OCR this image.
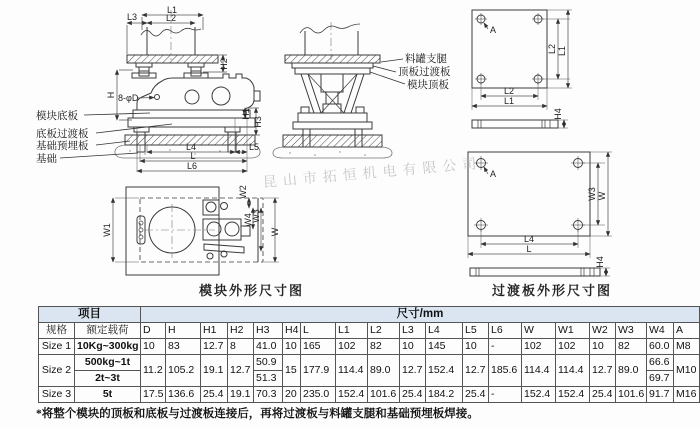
L1
L2
L3
H 8-φD
H2
H1
H3
L4
L
L6
L5
模块底板
底板过渡板
基础预埋板
基础
料罐支腿
顶板过渡板
模块顶板
A
L2 L1
L2
L1
H4
A
W3 W
L4
L
H4
W1	W
W2
W4
W3
模块外形尺寸图	过渡板外形尺寸图
昆山市拓恒机电有限公司
项目		尺寸/mm																		
规格	额定载荷	D	H	H1	H2	H3	H4	L	L1	L2	L3	L4	L5	L6	W	W1	W2	W3	W4	A
Size 1	10Kg~300kg	10	83	12.7	8	41.0	10	165	102	82	10	145	10	-	102	102	10	82	60.0	M8
Size 2	500kg~1t	11.2	105.2	19.1	12.7	50.9	15	177.9	114.4	89.0	12.7	152.4	12.7	185.6	114.4	114.4	12.7	89.0	66.6	M10
	2t~3t					51.3													69.7	
Size 3	5t	17.5	136.6	25.4	19.1	70.3	20	235.0	152.4	101.6	25.4	184.2	25.4	-	152.4	152.4	25.4	101.6	91.7	M16
*将整个模块的顶板和底板与过渡板连接后，再将过渡板与料罐支腿和基础预埋板焊接。
